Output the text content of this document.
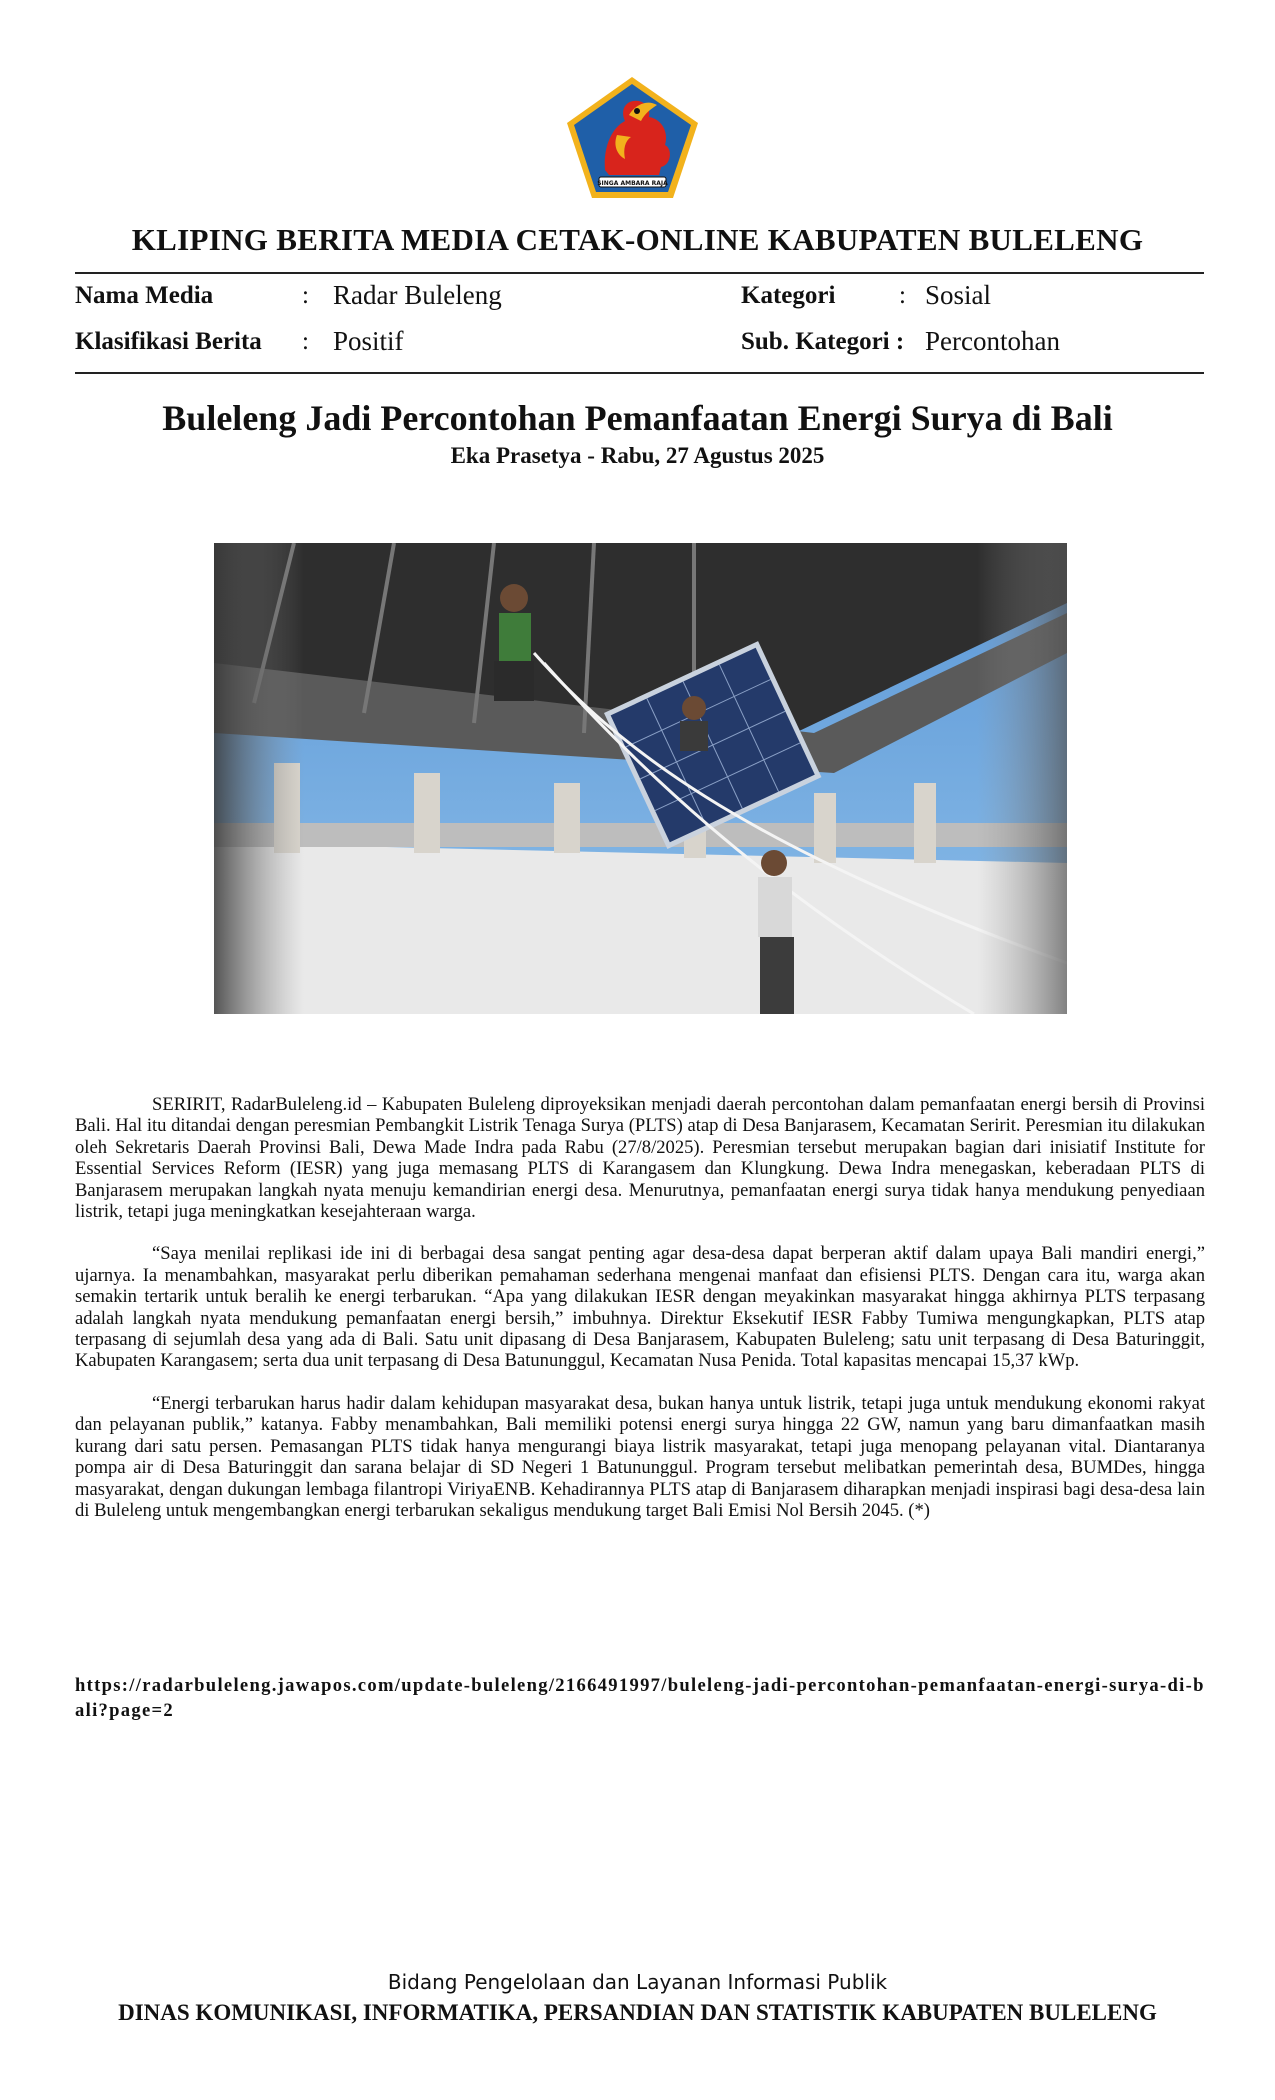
SINGA AMBARA RAJA
KLIPING BERITA MEDIA CETAK-ONLINE KABUPATEN BULELENG
Nama Media	: Radar Buleleng	Kategori	: Sosial
Klasifikasi Berita : Positif	Sub. Kategori : Percontohan
Buleleng Jadi Percontohan Pemanfaatan Energi Surya di Bali
Eka Prasetya - Rabu, 27 Agustus 2025

SERIRIT, RadarBuleleng.id – Kabupaten Buleleng diproyeksikan menjadi daerah percontohan dalam pemanfaatan energi bersih di Provinsi Bali. Hal itu ditandai dengan peresmian Pembangkit Listrik Tenaga Surya (PLTS) atap di Desa Banjarasem, Kecamatan Seririt. Peresmian itu dilakukan oleh Sekretaris Daerah Provinsi Bali, Dewa Made Indra pada Rabu (27/8/2025). Peresmian tersebut merupakan bagian dari inisiatif Institute for Essential Services Reform (IESR) yang juga memasang PLTS di Karangasem dan Klungkung. Dewa Indra menegaskan, keberadaan PLTS di Banjarasem merupakan langkah nyata menuju kemandirian energi desa. Menurutnya, pemanfaatan energi surya tidak hanya mendukung penyediaan listrik, tetapi juga meningkatkan kesejahteraan warga.

“Saya menilai replikasi ide ini di berbagai desa sangat penting agar desa-desa dapat berperan aktif dalam upaya Bali mandiri energi,” ujarnya. Ia menambahkan, masyarakat perlu diberikan pemahaman sederhana mengenai manfaat dan efisiensi PLTS. Dengan cara itu, warga akan semakin tertarik untuk beralih ke energi terbarukan. “Apa yang dilakukan IESR dengan meyakinkan masyarakat hingga akhirnya PLTS terpasang adalah langkah nyata mendukung pemanfaatan energi bersih,” imbuhnya. Direktur Eksekutif IESR Fabby Tumiwa mengungkapkan, PLTS atap terpasang di sejumlah desa yang ada di Bali. Satu unit dipasang di Desa Banjarasem, Kabupaten Buleleng; satu unit terpasang di Desa Baturinggit, Kabupaten Karangasem; serta dua unit terpasang di Desa Batununggul, Kecamatan Nusa Penida. Total kapasitas mencapai 15,37 kWp.

“Energi terbarukan harus hadir dalam kehidupan masyarakat desa, bukan hanya untuk listrik, tetapi juga untuk mendukung ekonomi rakyat dan pelayanan publik,” katanya. Fabby menambahkan, Bali memiliki potensi energi surya hingga 22 GW, namun yang baru dimanfaatkan masih kurang dari satu persen. Pemasangan PLTS tidak hanya mengurangi biaya listrik masyarakat, tetapi juga menopang pelayanan vital. Diantaranya pompa air di Desa Baturinggit dan sarana belajar di SD Negeri 1 Batununggul. Program tersebut melibatkan pemerintah desa, BUMDes, hingga masyarakat, dengan dukungan lembaga filantropi ViriyaENB. Kehadirannya PLTS atap di Banjarasem diharapkan menjadi inspirasi bagi desa-desa lain di Buleleng untuk mengembangkan energi terbarukan sekaligus mendukung target Bali Emisi Nol Bersih 2045. (*)

https://radarbuleleng.jawapos.com/update-buleleng/2166491997/buleleng-jadi-percontohan-pemanfaatan-energi-surya-di-bali?page=2
Bidang Pengelolaan dan Layanan Informasi Publik
DINAS KOMUNIKASI, INFORMATIKA, PERSANDIAN DAN STATISTIK KABUPATEN BULELENG
